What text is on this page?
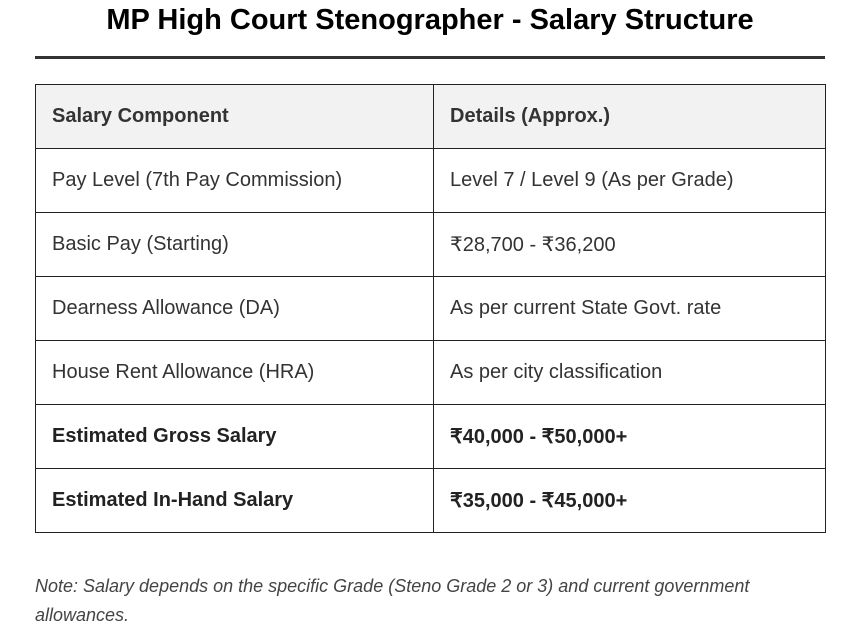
MP High Court Stenographer - Salary Structure
Salary Component	Details (Approx.)
Pay Level (7th Pay Commission)	Level 7 / Level 9 (As per Grade)
Basic Pay (Starting)	₹28,700 - ₹36,200
Dearness Allowance (DA)	As per current State Govt. rate
House Rent Allowance (HRA)	As per city classification
Estimated Gross Salary	₹40,000 - ₹50,000+
Estimated In-Hand Salary	₹35,000 - ₹45,000+
Note: Salary depends on the specific Grade (Steno Grade 2 or 3) and current government allowances.
